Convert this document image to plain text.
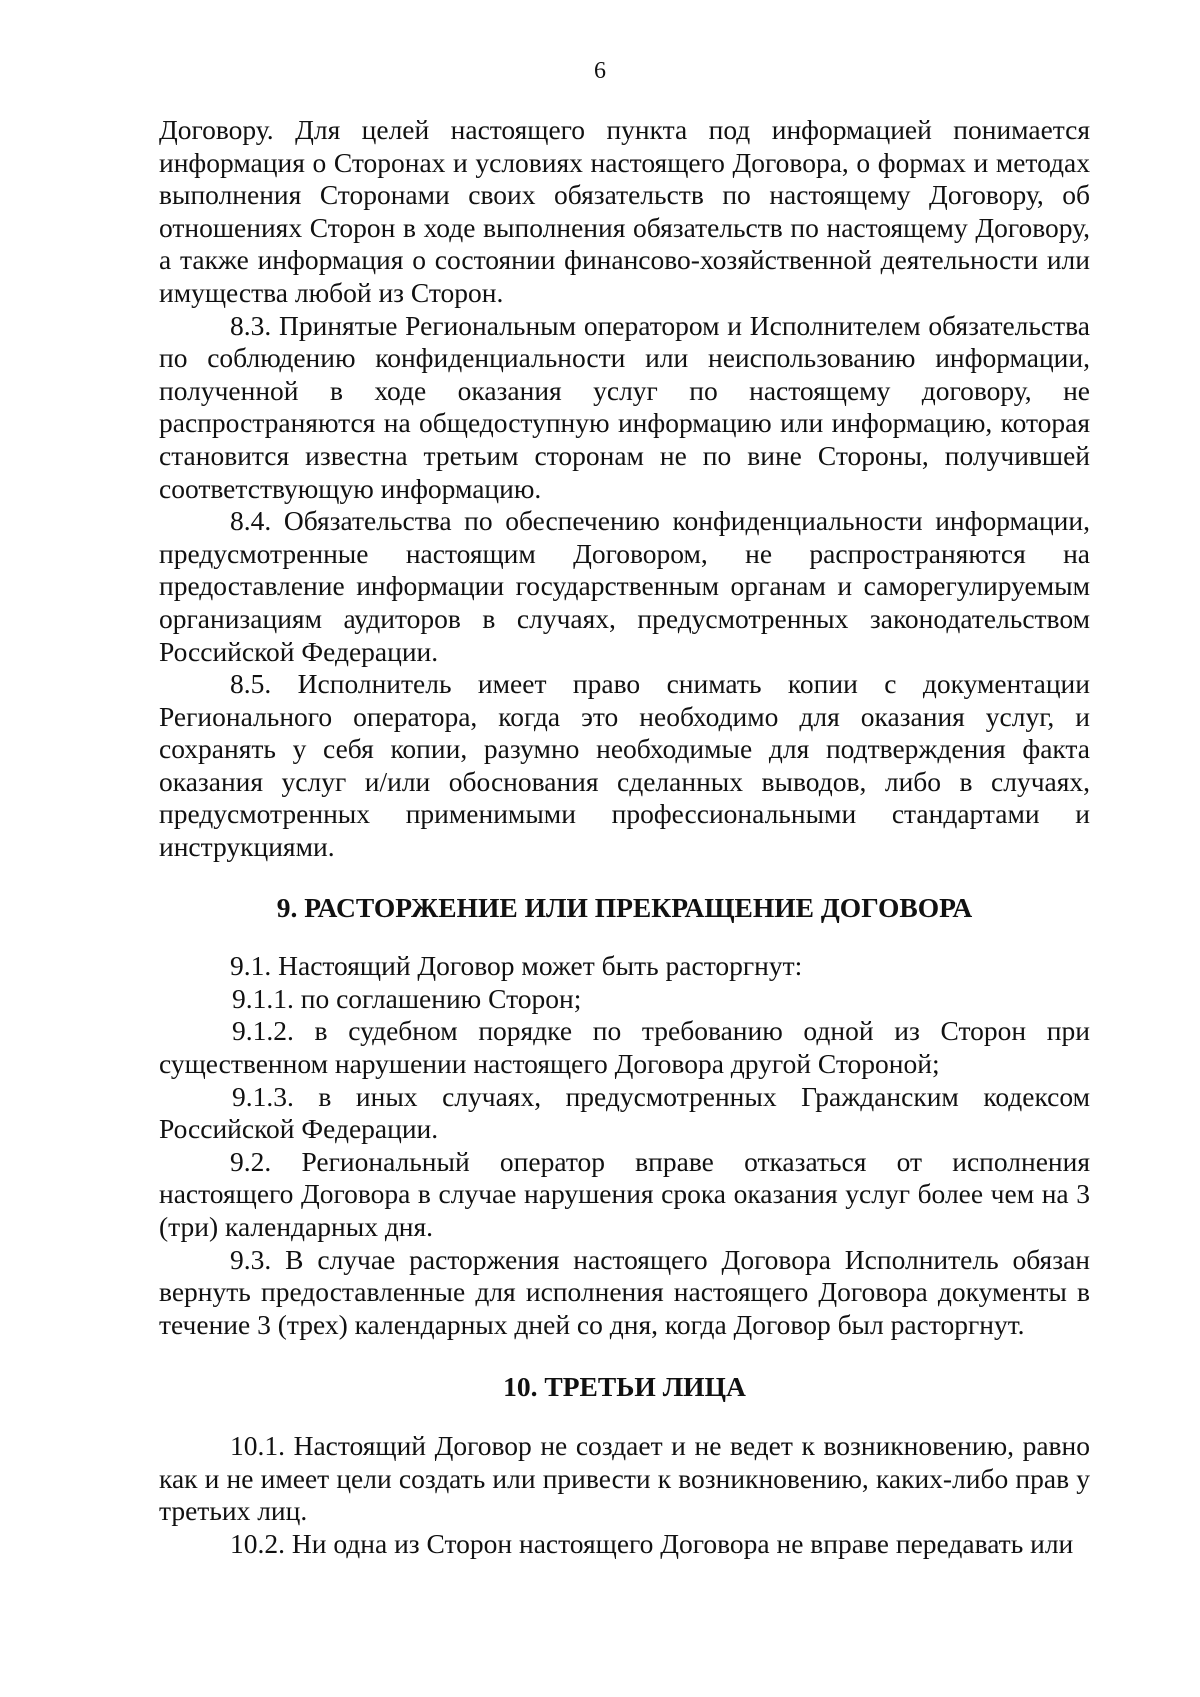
6

Договору. Для целей настоящего пункта под информацией понимается информация о Сторонах и условиях настоящего Договора, о формах и методах выполнения Сторонами своих обязательств по настоящему Договору, об отношениях Сторон в ходе выполнения обязательств по настоящему Договору, а также информация о состоянии финансово-хозяйственной деятельности или имущества любой из Сторон.

8.3. Принятые Региональным оператором и Исполнителем обязательства по соблюдению конфиденциальности или неиспользованию информации, полученной в ходе оказания услуг по настоящему договору, не распространяются на общедоступную информацию или информацию, которая становится известна третьим сторонам не по вине Стороны, получившей соответствующую информацию.

8.4. Обязательства по обеспечению конфиденциальности информации, предусмотренные настоящим Договором, не распространяются на предоставление информации государственным органам и саморегулируемым организациям аудиторов в случаях, предусмотренных законодательством Российской Федерации.

8.5. Исполнитель имеет право снимать копии с документации Регионального оператора, когда это необходимо для оказания услуг, и сохранять у себя копии, разумно необходимые для подтверждения факта оказания услуг и/или обоснования сделанных выводов, либо в случаях, предусмотренных применимыми профессиональными стандартами и инструкциями.

9. РАСТОРЖЕНИЕ ИЛИ ПРЕКРАЩЕНИЕ ДОГОВОРА

9.1. Настоящий Договор может быть расторгнут:

9.1.1. по соглашению Сторон;

9.1.2. в судебном порядке по требованию одной из Сторон при существенном нарушении настоящего Договора другой Стороной;

9.1.3. в иных случаях, предусмотренных Гражданским кодексом Российской Федерации.

9.2. Региональный оператор вправе отказаться от исполнения настоящего Договора в случае нарушения срока оказания услуг более чем на 3 (три) календарных дня.

9.3. В случае расторжения настоящего Договора Исполнитель обязан вернуть предоставленные для исполнения настоящего Договора документы в течение 3 (трех) календарных дней со дня, когда Договор был расторгнут.

10. ТРЕТЬИ ЛИЦА

10.1. Настоящий Договор не создает и не ведет к возникновению, равно как и не имеет цели создать или привести к возникновению, каких-либо прав у третьих лиц.

10.2. Ни одна из Сторон настоящего Договора не вправе передавать или
